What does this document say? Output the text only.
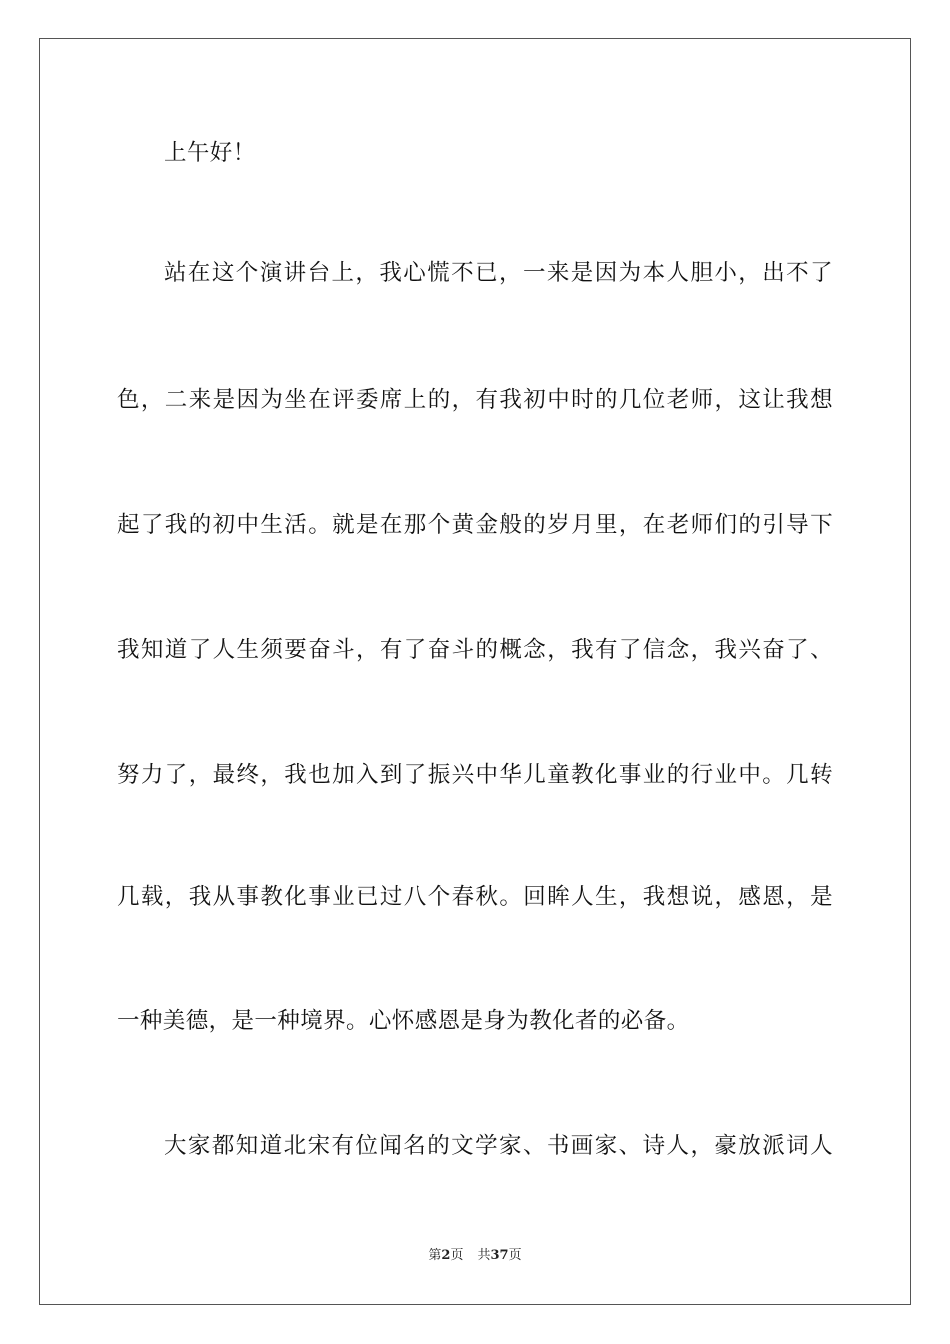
上午好！
站在这个演讲台上，我心慌不已，一来是因为本人胆小，出不了
色，二来是因为坐在评委席上的，有我初中时的几位老师，这让我想
起了我的初中生活。就是在那个黄金般的岁月里，在老师们的引导下
我知道了人生须要奋斗，有了奋斗的概念，我有了信念，我兴奋了、
努力了，最终，我也加入到了振兴中华儿童教化事业的行业中。几转
几载，我从事教化事业已过八个春秋。回眸人生，我想说，感恩，是
一种美德，是一种境界。心怀感恩是身为教化者的必备。
大家都知道北宋有位闻名的文学家、书画家、诗人，豪放派词人
第2页 共37页
